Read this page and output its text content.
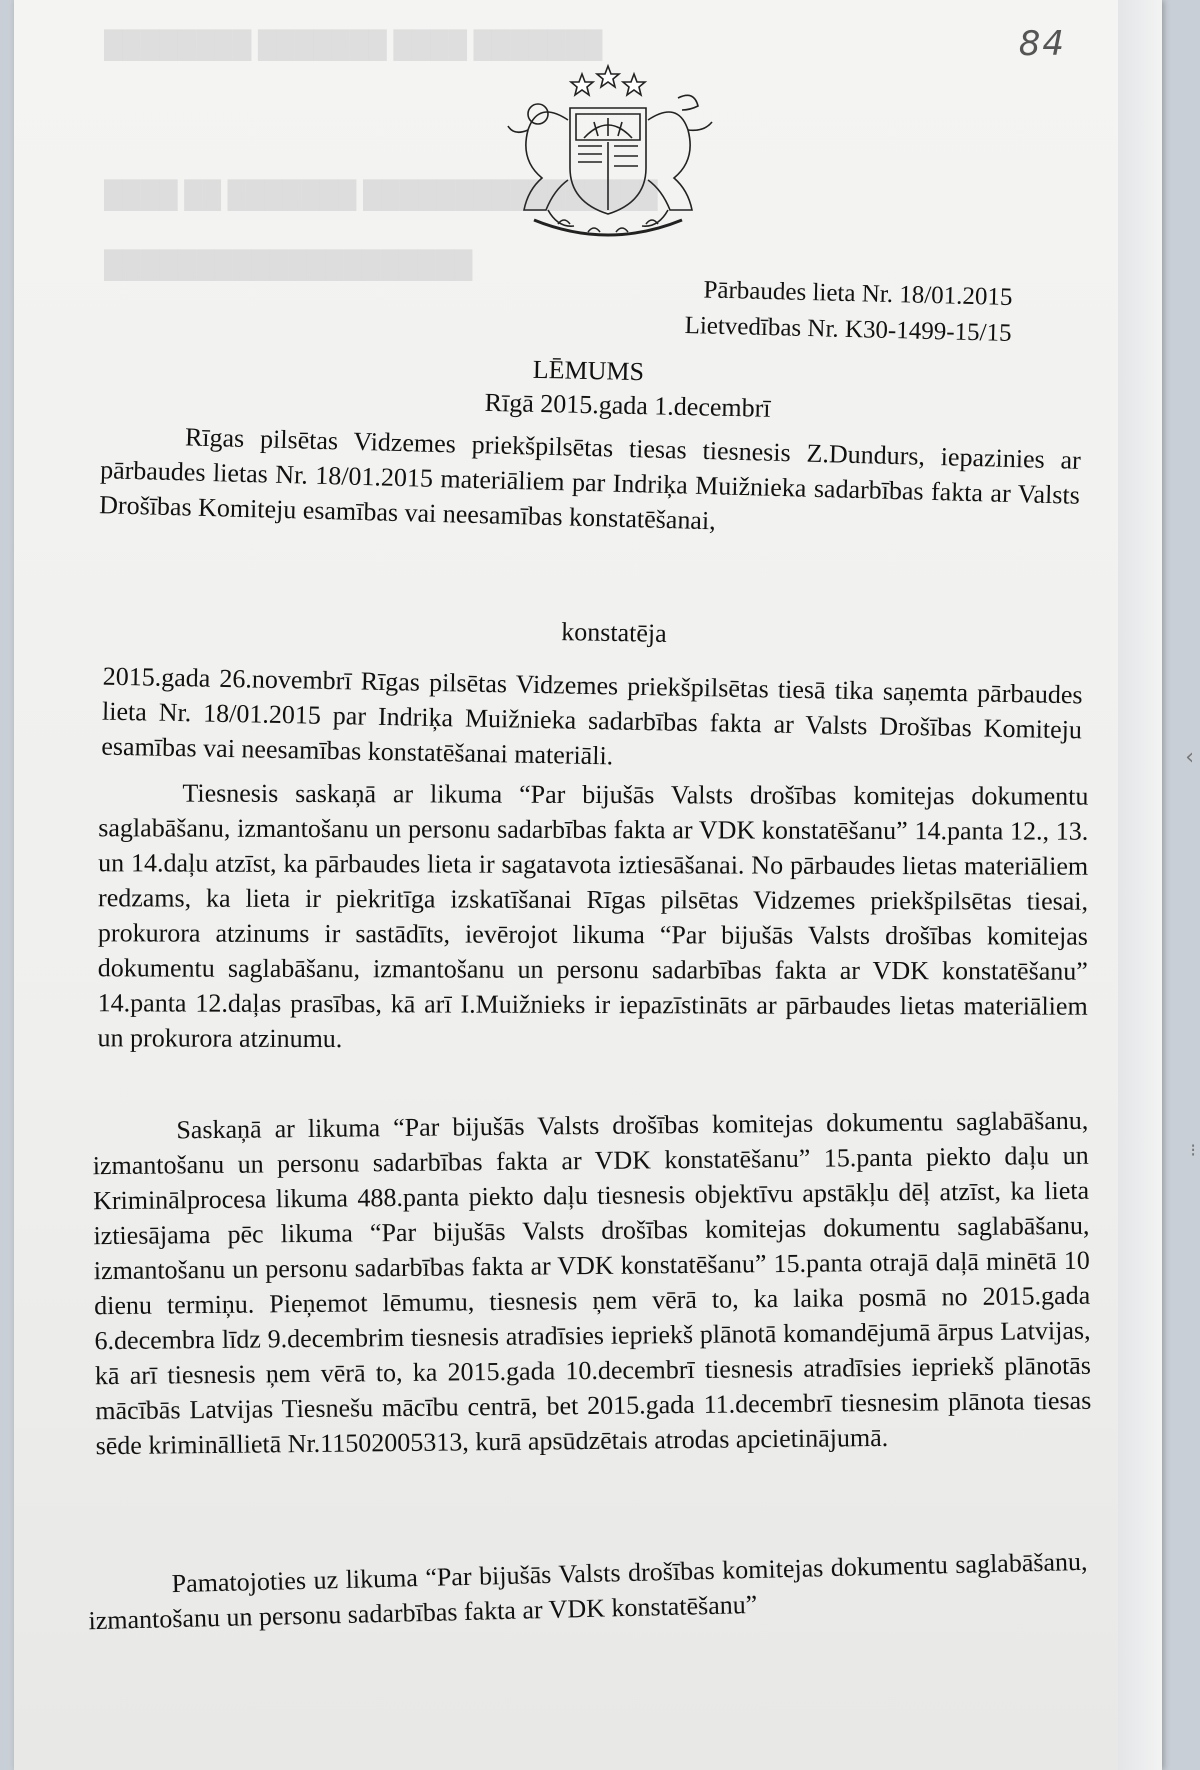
84
████████ ███████ ████ ███████
████ ██ ███████ ████████████████
████████████████████
Pārbaudes lieta Nr. 18/01.2015
Lietvedības Nr. K30-1499-15/15
LĒMUMS
Rīgā 2015.gada 1.decembrī
Rīgas pilsētas Vidzemes priekšpilsētas tiesas tiesnesis Z.Dundurs, iepazinies ar pārbaudes lietas Nr. 18/01.2015 materiāliem par Indriķa Muižnieka sadarbības fakta ar Valsts Drošības Komiteju esamības vai neesamības konstatēšanai,
konstatēja
2015.gada 26.novembrī Rīgas pilsētas Vidzemes priekšpilsētas tiesā tika saņemta pārbaudes lieta Nr. 18/01.2015 par Indriķa Muižnieka sadarbības fakta ar Valsts Drošības Komiteju esamības vai neesamības konstatēšanai materiāli.
Tiesnesis saskaņā ar likuma “Par bijušās Valsts drošības komitejas dokumentu saglabāšanu, izmantošanu un personu sadarbības fakta ar VDK konstatēšanu” 14.panta 12., 13. un 14.daļu atzīst, ka pārbaudes lieta ir sagatavota iztiesāšanai. No pārbaudes lietas materiāliem redzams, ka lieta ir piekritīga izskatīšanai Rīgas pilsētas Vidzemes priekšpilsētas tiesai, prokurora atzinums ir sastādīts, ievērojot likuma “Par bijušās Valsts drošības komitejas dokumentu saglabāšanu, izmantošanu un personu sadarbības fakta ar VDK konstatēšanu” 14.panta 12.daļas prasības, kā arī I.Muižnieks ir iepazīstināts ar pārbaudes lietas materiāliem un prokurora atzinumu.
Saskaņā ar likuma “Par bijušās Valsts drošības komitejas dokumentu saglabāšanu, izmantošanu un personu sadarbības fakta ar VDK konstatēšanu” 15.panta piekto daļu un Kriminālprocesa likuma 488.panta piekto daļu tiesnesis objektīvu apstākļu dēļ atzīst, ka lieta iztiesājama pēc likuma “Par bijušās Valsts drošības komitejas dokumentu saglabāšanu, izmantošanu un personu sadarbības fakta ar VDK konstatēšanu” 15.panta otrajā daļā minētā 10 dienu termiņu. Pieņemot lēmumu, tiesnesis ņem vērā to, ka laika posmā no 2015.gada 6.decembra līdz 9.decembrim tiesnesis atradīsies iepriekš plānotā komandējumā ārpus Latvijas, kā arī tiesnesis ņem vērā to, ka 2015.gada 10.decembrī tiesnesis atradīsies iepriekš plānotās mācībās Latvijas Tiesnešu mācību centrā, bet 2015.gada 11.decembrī tiesnesim plānota tiesas sēde krimināllietā Nr.11502005313, kurā apsūdzētais atrodas apcietinājumā.
Pamatojoties uz likuma “Par bijušās Valsts drošības komitejas dokumentu saglabāšanu, izmantošanu un personu sadarbības fakta ar VDK konstatēšanu”
‹
⁝
